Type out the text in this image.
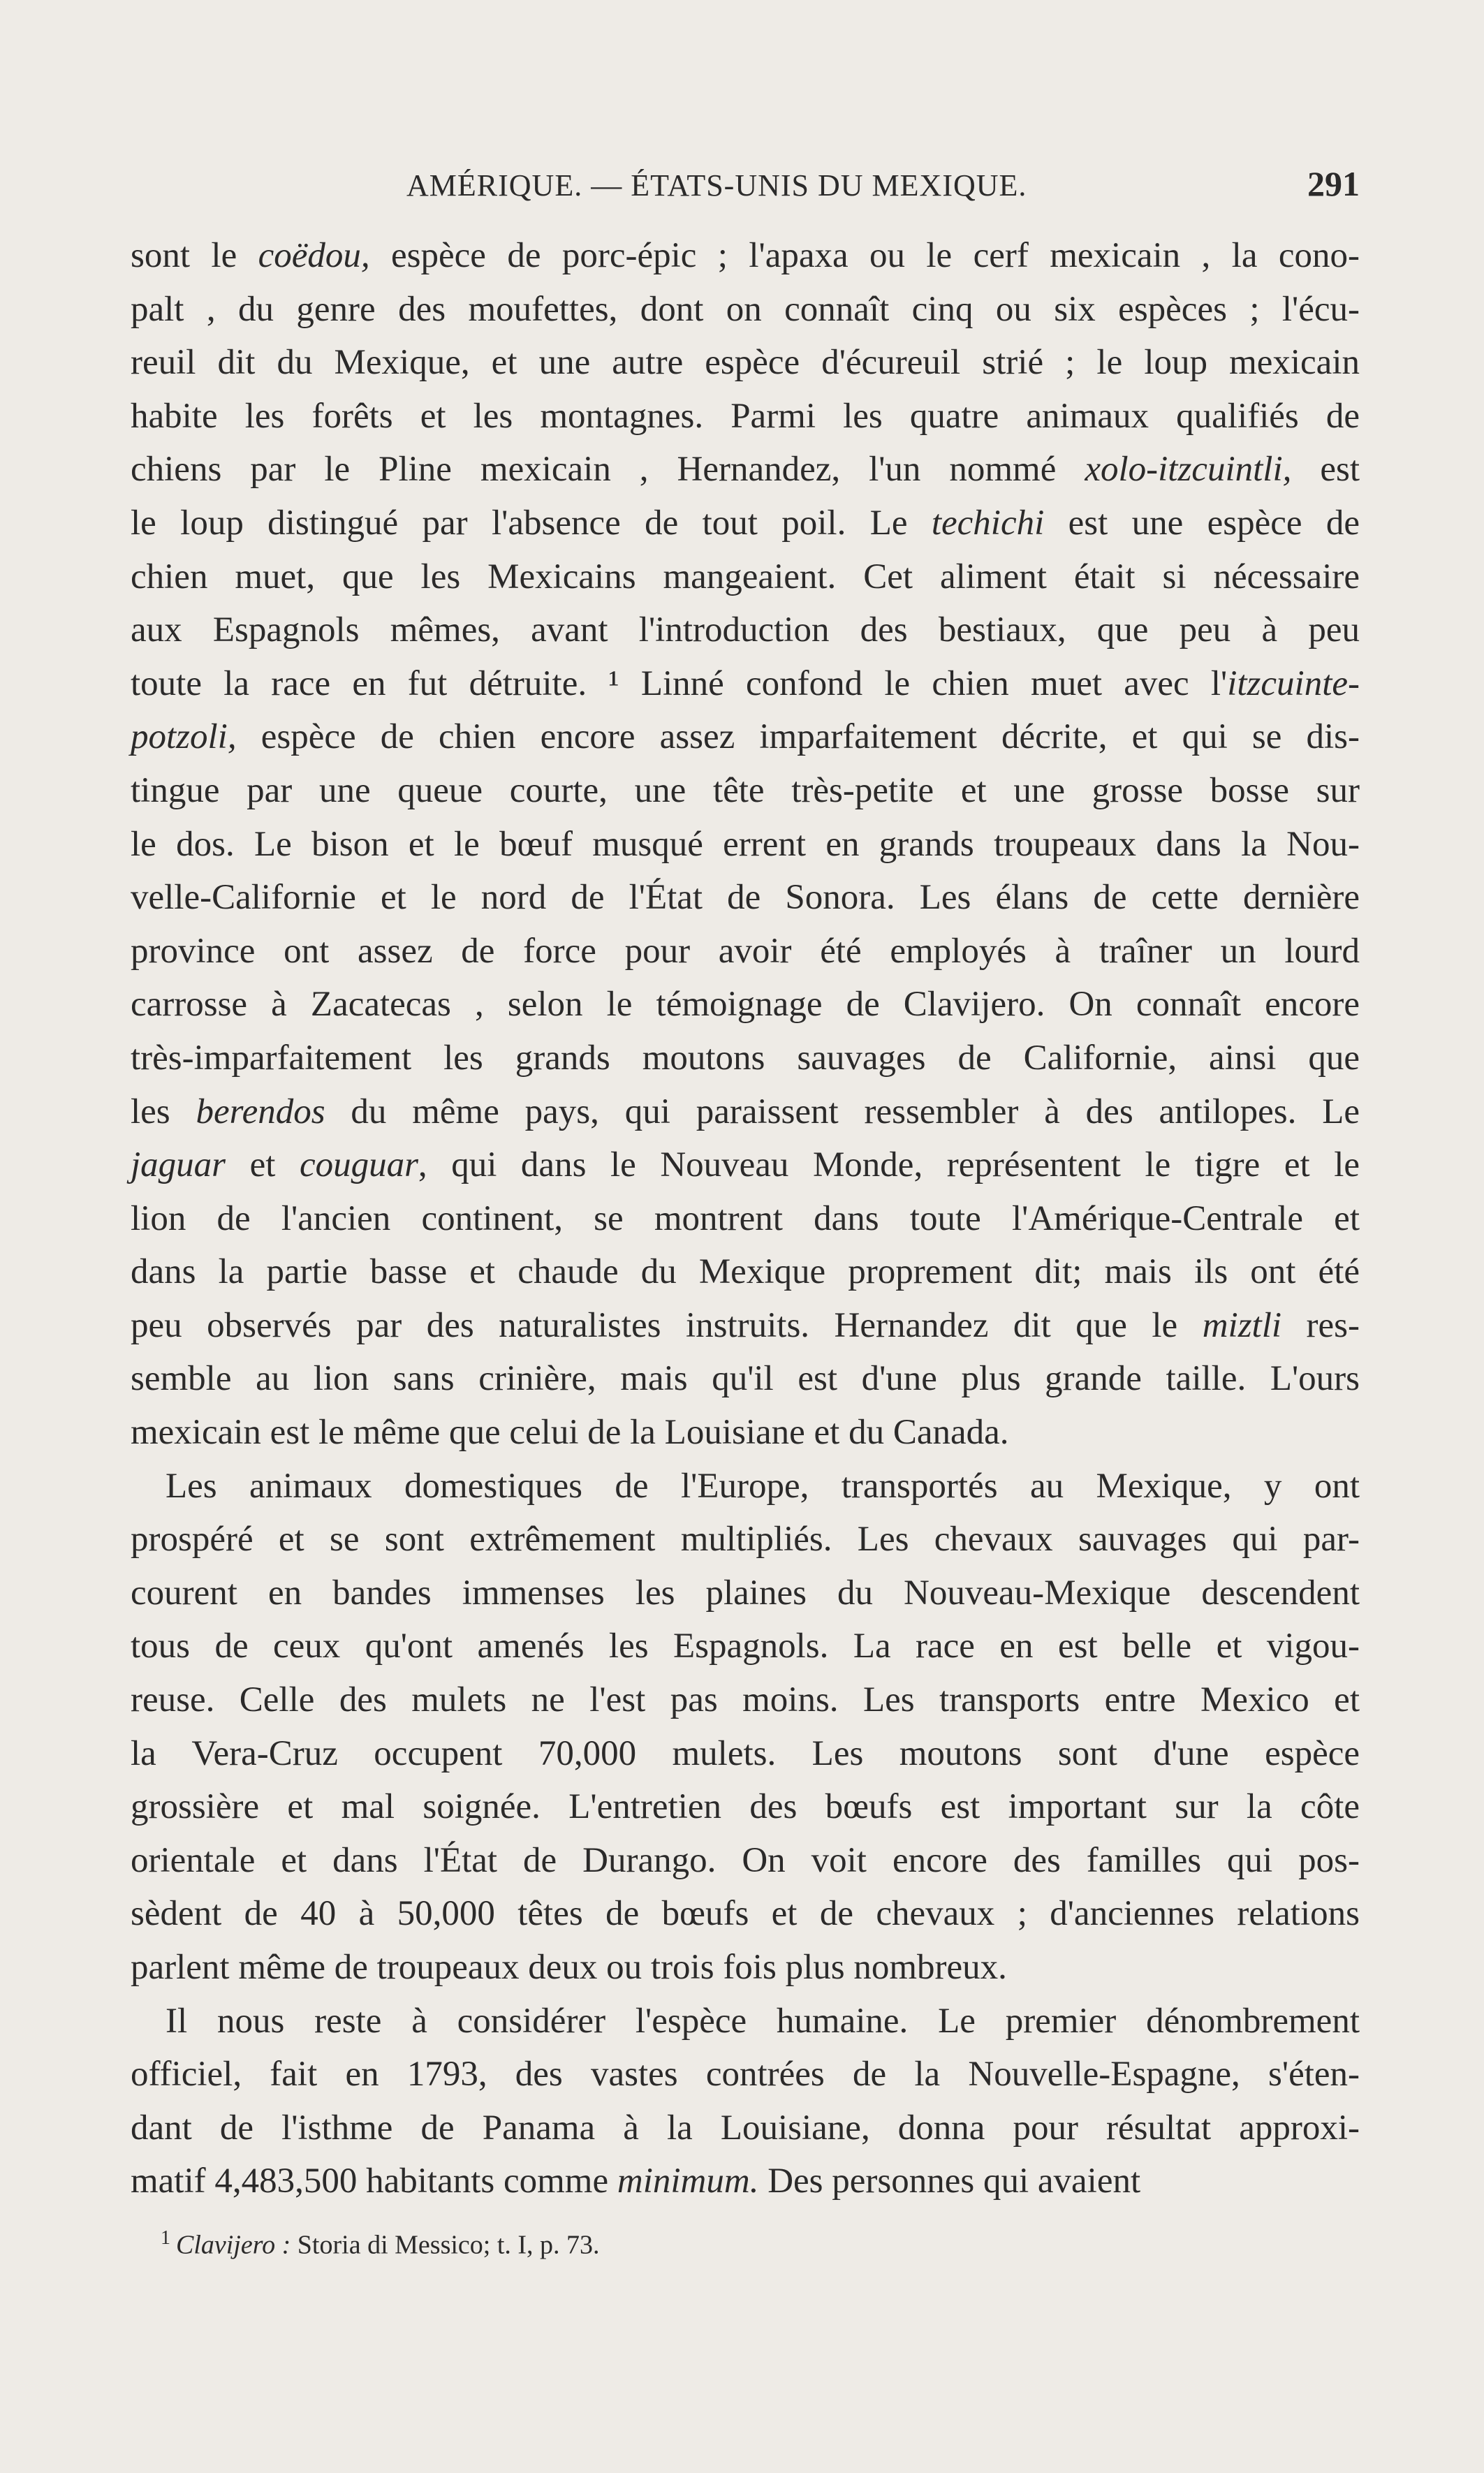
AMÉRIQUE. — ÉTATS-UNIS DU MEXIQUE.	291
sont le coëdou, espèce de porc-épic ; l'apaxa ou le cerf mexicain , la cono-
palt , du genre des moufettes, dont on connaît cinq ou six espèces ; l'écu-
reuil dit du Mexique, et une autre espèce d'écureuil strié ; le loup mexicain
habite les forêts et les montagnes. Parmi les quatre animaux qualifiés de
chiens par le Pline mexicain , Hernandez, l'un nommé xolo-itzcuintli, est
le loup distingué par l'absence de tout poil. Le techichi est une espèce de
chien muet, que les Mexicains mangeaient. Cet aliment était si nécessaire
aux Espagnols mêmes, avant l'introduction des bestiaux, que peu à peu
toute la race en fut détruite. ¹ Linné confond le chien muet avec l'itzcuinte-
potzoli, espèce de chien encore assez imparfaitement décrite, et qui se dis-
tingue par une queue courte, une tête très-petite et une grosse bosse sur
le dos. Le bison et le bœuf musqué errent en grands troupeaux dans la Nou-
velle-Californie et le nord de l'État de Sonora. Les élans de cette dernière
province ont assez de force pour avoir été employés à traîner un lourd
carrosse à Zacatecas , selon le témoignage de Clavijero. On connaît encore
très-imparfaitement les grands moutons sauvages de Californie, ainsi que
les berendos du même pays, qui paraissent ressembler à des antilopes. Le
jaguar et couguar, qui dans le Nouveau Monde, représentent le tigre et le
lion de l'ancien continent, se montrent dans toute l'Amérique-Centrale et
dans la partie basse et chaude du Mexique proprement dit; mais ils ont été
peu observés par des naturalistes instruits. Hernandez dit que le miztli res-
semble au lion sans crinière, mais qu'il est d'une plus grande taille. L'ours
mexicain est le même que celui de la Louisiane et du Canada.
Les animaux domestiques de l'Europe, transportés au Mexique, y ont
prospéré et se sont extrêmement multipliés. Les chevaux sauvages qui par-
courent en bandes immenses les plaines du Nouveau-Mexique descendent
tous de ceux qu'ont amenés les Espagnols. La race en est belle et vigou-
reuse. Celle des mulets ne l'est pas moins. Les transports entre Mexico et
la Vera-Cruz occupent 70,000 mulets. Les moutons sont d'une espèce
grossière et mal soignée. L'entretien des bœufs est important sur la côte
orientale et dans l'État de Durango. On voit encore des familles qui pos-
sèdent de 40 à 50,000 têtes de bœufs et de chevaux ; d'anciennes relations
parlent même de troupeaux deux ou trois fois plus nombreux.
Il nous reste à considérer l'espèce humaine. Le premier dénombrement
officiel, fait en 1793, des vastes contrées de la Nouvelle-Espagne, s'éten-
dant de l'isthme de Panama à la Louisiane, donna pour résultat approxi-
matif 4,483,500 habitants comme minimum. Des personnes qui avaient
$^1$ Clavijero : Storia di Messico; t. I, p. 73.
